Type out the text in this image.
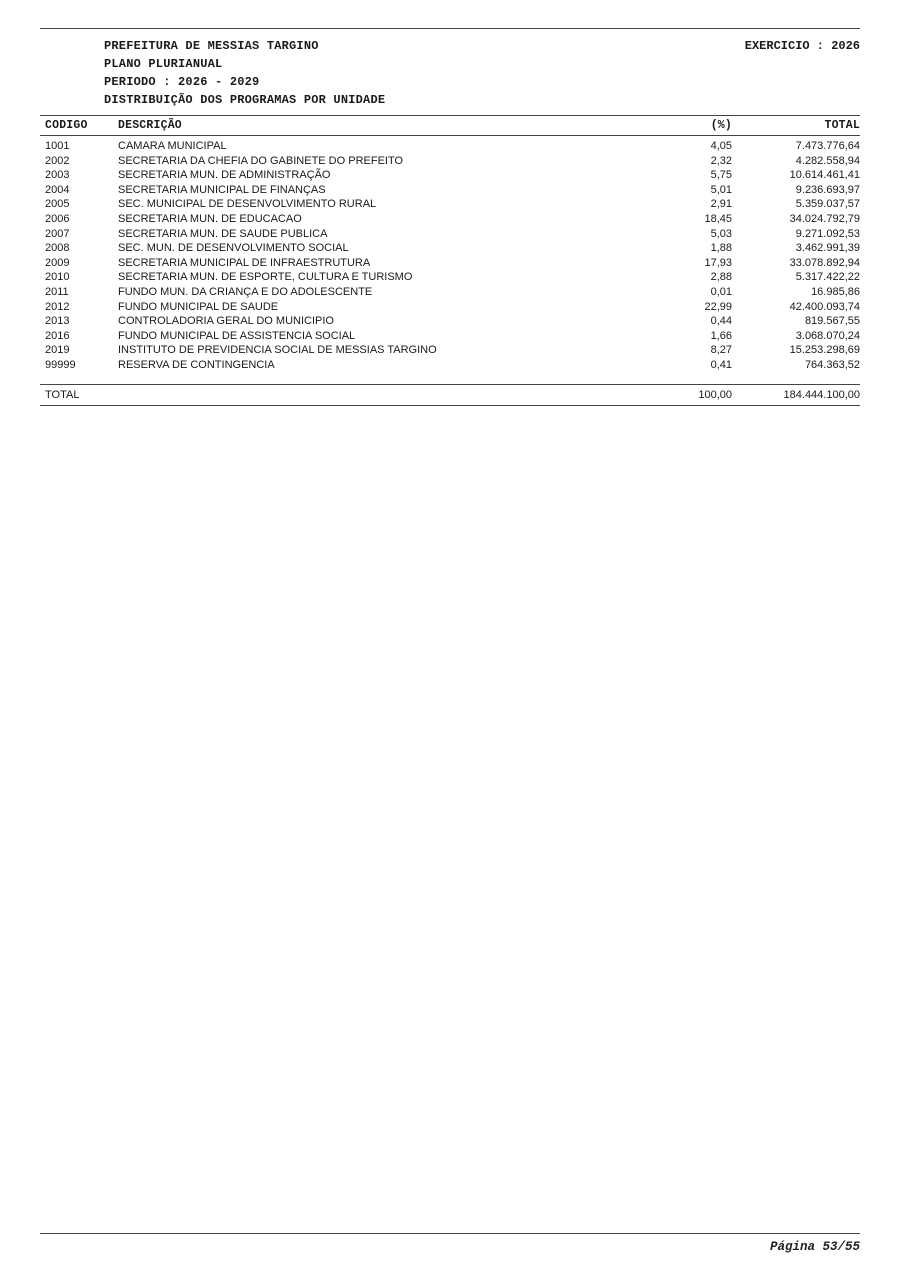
PREFEITURA DE MESSIAS TARGINO
PLANO PLURIANUAL
PERIODO : 2026 - 2029
DISTRIBUIÇÃO DOS PROGRAMAS POR UNIDADE
EXERCICIO : 2026
CODIGO	DESCRIÇÃO	(%)	TOTAL
1001	CAMARA MUNICIPAL	4,05	7.473.776,64
2002	SECRETARIA DA CHEFIA DO GABINETE DO PREFEITO	2,32	4.282.558,94
2003	SECRETARIA MUN. DE ADMINISTRAÇÃO	5,75	10.614.461,41
2004	SECRETARIA MUNICIPAL DE FINANÇAS	5,01	9.236.693,97
2005	SEC. MUNICIPAL DE DESENVOLVIMENTO RURAL	2,91	5.359.037,57
2006	SECRETARIA MUN. DE EDUCACAO	18,45	34.024.792,79
2007	SECRETARIA MUN. DE SAUDE PUBLICA	5,03	9.271.092,53
2008	SEC. MUN. DE DESENVOLVIMENTO SOCIAL	1,88	3.462.991,39
2009	SECRETARIA MUNICIPAL DE INFRAESTRUTURA	17,93	33.078.892,94
2010	SECRETARIA MUN. DE ESPORTE, CULTURA E TURISMO	2,88	5.317.422,22
2011	FUNDO MUN. DA CRIANÇA E DO ADOLESCENTE	0,01	16.985,86
2012	FUNDO MUNICIPAL DE SAUDE	22,99	42.400.093,74
2013	CONTROLADORIA GERAL DO MUNICIPIO	0,44	819.567,55
2016	FUNDO MUNICIPAL DE ASSISTENCIA SOCIAL	1,66	3.068.070,24
2019	INSTITUTO DE PREVIDENCIA SOCIAL DE MESSIAS TARGINO	8,27	15.253.298,69
99999	RESERVA DE CONTINGENCIA	0,41	764.363,52

TOTAL		100,00	184.444.100,00
Página 53/55
